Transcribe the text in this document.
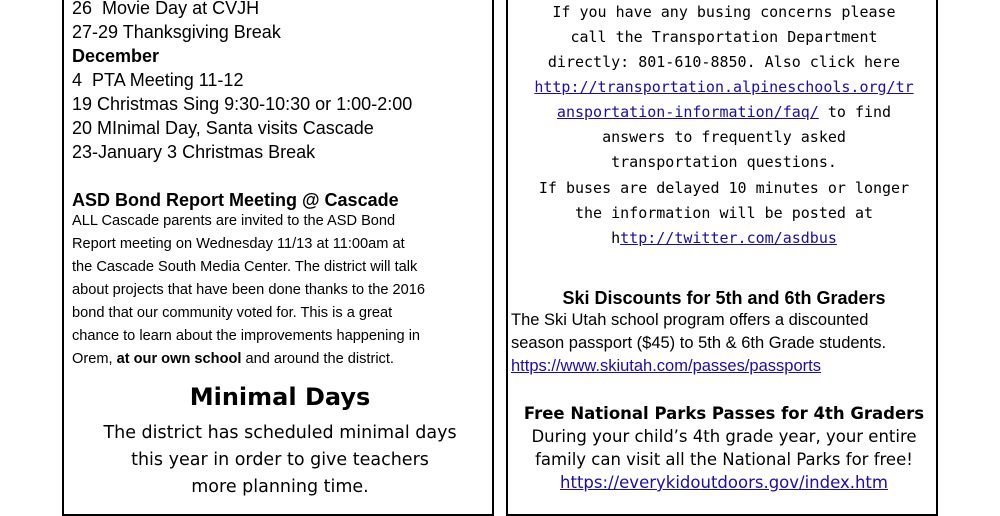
26 Movie Day at CVJH
27-29 Thanksgiving Break
December
4 PTA Meeting 11-12
19 Christmas Sing 9:30-10:30 or 1:00-2:00
20 MInimal Day, Santa visits Cascade
23-January 3 Christmas Break
ASD Bond Report Meeting @ Cascade
ALL Cascade parents are invited to the ASD Bond
Report meeting on Wednesday 11/13 at 11:00am at
the Cascade South Media Center. The district will talk
about projects that have been done thanks to the 2016
bond that our community voted for. This is a great
chance to learn about the improvements happening in
Orem, at our own school and around the district.
Minimal Days
The district has scheduled minimal days
this year in order to give teachers
more planning time.
If you have any busing concerns please
call the Transportation Department
directly: 801-610-8850. Also click here
http://transportation.alpineschools.org/tr
ansportation-information/faq/ to find
answers to frequently asked
transportation questions.
If buses are delayed 10 minutes or longer
the information will be posted at
http://twitter.com/asdbus
Ski Discounts for 5th and 6th Graders
The Ski Utah school program offers a discounted
season passport ($45) to 5th & 6th Grade students.
https://www.skiutah.com/passes/passports
Free National Parks Passes for 4th Graders
During your child’s 4th grade year, your entire
family can visit all the National Parks for free!
https://everykidoutdoors.gov/index.htm
